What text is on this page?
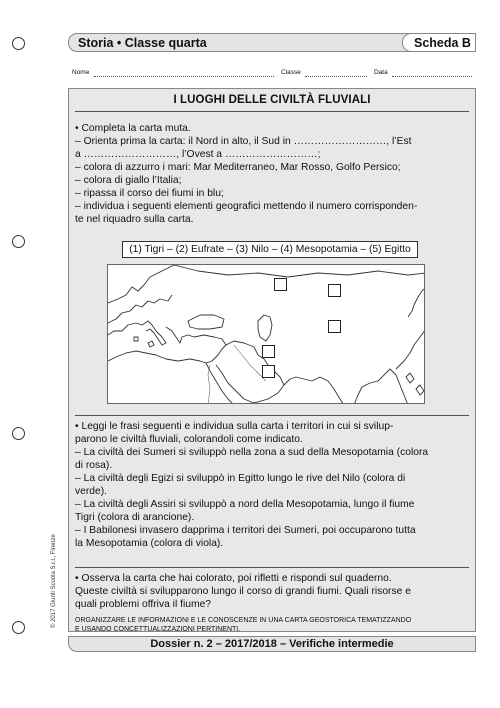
Storia • Classe quarta	Scheda B
Nome	Classe	Data
I LUOGHI DELLE CIVILTÀ FLUVIALI

• Completa la carta muta.

– Orienta prima la carta: il Nord in alto, il Sud in ………………………, l’Est

a ………………………, l’Ovest a ………………………;

– colora di azzurro i mari: Mar Mediterraneo, Mar Rosso, Golfo Persico;

– colora di giallo l’Italia;

– ripassa il corso dei fiumi in blu;

– individua i seguenti elementi geografici mettendo il numero corrisponden-

te nel riquadro sulla carta.

(1) Tigri – (2) Eufrate – (3) Nilo – (4) Mesopotamia – (5) Egitto

• Leggi le frasi seguenti e individua sulla carta i territori in cui si svilup-

parono le civiltà fluviali, colorandoli come indicato.

– La civiltà dei Sumeri si sviluppò nella zona a sud della Mesopotamia (colora

di rosa).

– La civiltà degli Egizi si sviluppò in Egitto lungo le rive del Nilo (colora di

verde).

– La civiltà degli Assiri si sviluppò a nord della Mesopotamia, lungo il fiume

Tigri (colora di arancione).

– I Babilonesi invasero dapprima i territori dei Sumeri, poi occuparono tutta

la Mesopotamia (colora di viola).

• Osserva la carta che hai colorato, poi rifletti e rispondi sul quaderno.

Queste civiltà si svilupparono lungo il corso di grandi fiumi. Quali risorse e

quali problemi offriva il fiume?

ORGANIZZARE LE INFORMAZIONI E LE CONOSCENZE IN UNA CARTA GEOSTORICA TEMATIZZANDO

E USANDO CONCETTUALIZZAZIONI PERTINENTI.

Dossier n. 2 – 2017/2018 – Verifiche intermedie
© 2017 Giunti Scuola S.r.l., Firenze
